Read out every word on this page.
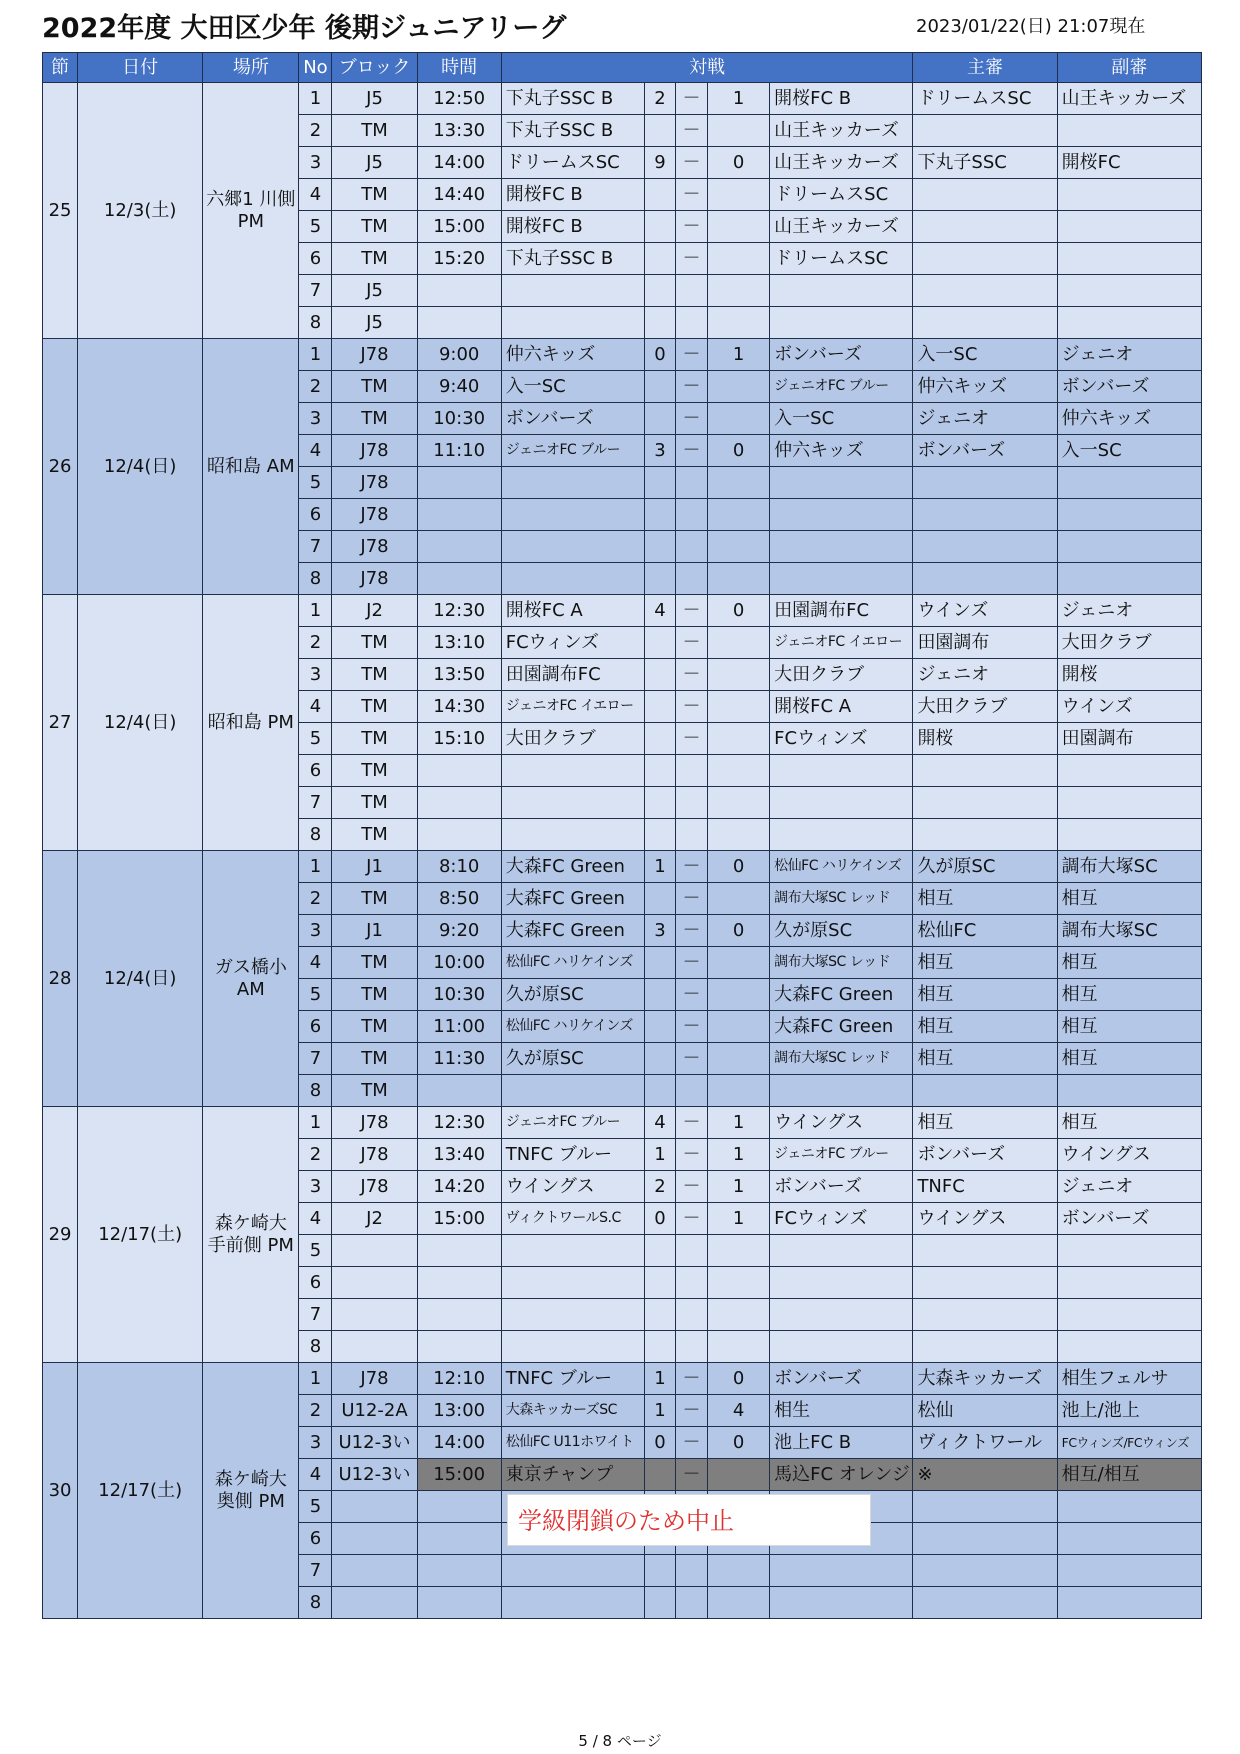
2022年度 大田区少年 後期ジュニアリーグ	2023/01/22(日) 21:07現在
節	日付	場所	No	ブロック	時間	対戦					主審	副審
25	12/3(土)	六郷1 川側 PM	1	J5	12:50	下丸子SSC B	2	－	1	開桜FC B	ドリームスSC	山王キッカーズ
			2	TM	13:30	下丸子SSC B		－		山王キッカーズ		
			3	J5	14:00	ドリームスSC	9	－	0	山王キッカーズ	下丸子SSC	開桜FC
			4	TM	14:40	開桜FC B		－		ドリームスSC		
			5	TM	15:00	開桜FC B		－		山王キッカーズ		
			6	TM	15:20	下丸子SSC B		－		ドリームスSC		
			7	J5								
			8	J5								
26	12/4(日)	昭和島 AM	1	J78	9:00	仲六キッズ	0	－	1	ボンバーズ	入一SC	ジェニオ
			2	TM	9:40	入一SC		－		ジェニオFC ブルー	仲六キッズ	ボンバーズ
			3	TM	10:30	ボンバーズ		－		入一SC	ジェニオ	仲六キッズ
			4	J78	11:10	ジェニオFC ブルー	3	－	0	仲六キッズ	ボンバーズ	入一SC
			5	J78								
			6	J78								
			7	J78								
			8	J78								
27	12/4(日)	昭和島 PM	1	J2	12:30	開桜FC A	4	－	0	田園調布FC	ウインズ	ジェニオ
			2	TM	13:10	FCウィンズ		－		ジェニオFC イエロー	田園調布	大田クラブ
			3	TM	13:50	田園調布FC		－		大田クラブ	ジェニオ	開桜
			4	TM	14:30	ジェニオFC イエロー		－		開桜FC A	大田クラブ	ウインズ
			5	TM	15:10	大田クラブ		－		FCウィンズ	開桜	田園調布
			6	TM								
			7	TM								
			8	TM								
28	12/4(日)	ガス橋小 AM	1	J1	8:10	大森FC Green	1	－	0	松仙FC ハリケインズ	久が原SC	調布大塚SC
			2	TM	8:50	大森FC Green		－		調布大塚SC レッド	相互	相互
			3	J1	9:20	大森FC Green	3	－	0	久が原SC	松仙FC	調布大塚SC
			4	TM	10:00	松仙FC ハリケインズ		－		調布大塚SC レッド	相互	相互
			5	TM	10:30	久が原SC		－		大森FC Green	相互	相互
			6	TM	11:00	松仙FC ハリケインズ		－		大森FC Green	相互	相互
			7	TM	11:30	久が原SC		－		調布大塚SC レッド	相互	相互
			8	TM								
29	12/17(土)	森ケ崎大 手前側 PM	1	J78	12:30	ジェニオFC ブルー	4	－	1	ウイングス	相互	相互
			2	J78	13:40	TNFC ブルー	1	－	1	ジェニオFC ブルー	ボンバーズ	ウイングス
			3	J78	14:20	ウイングス	2	－	1	ボンバーズ	TNFC	ジェニオ
			4	J2	15:00	ヴィクトワールS.C	0	－	1	FCウィンズ	ウイングス	ボンバーズ
			5									
			6									
			7									
			8									
30	12/17(土)	森ケ崎大 奥側 PM	1	J78	12:10	TNFC ブルー	1	－	0	ボンバーズ	大森キッカーズ	相生フェルサ
			2	U12-2A	13:00	大森キッカーズSC	1	－	4	相生	松仙	池上/池上
			3	U12-3い	14:00	松仙FC U11ホワイト	0	－	0	池上FC B	ヴィクトワール	FCウィンズ/FCウィンズ
			4	U12-3い	15:00	東京チャンプ		－		馬込FC オレンジ	※	相互/相互
			5									
			6									
			7									
			8									
学級閉鎖のため中止
5 / 8 ページ
